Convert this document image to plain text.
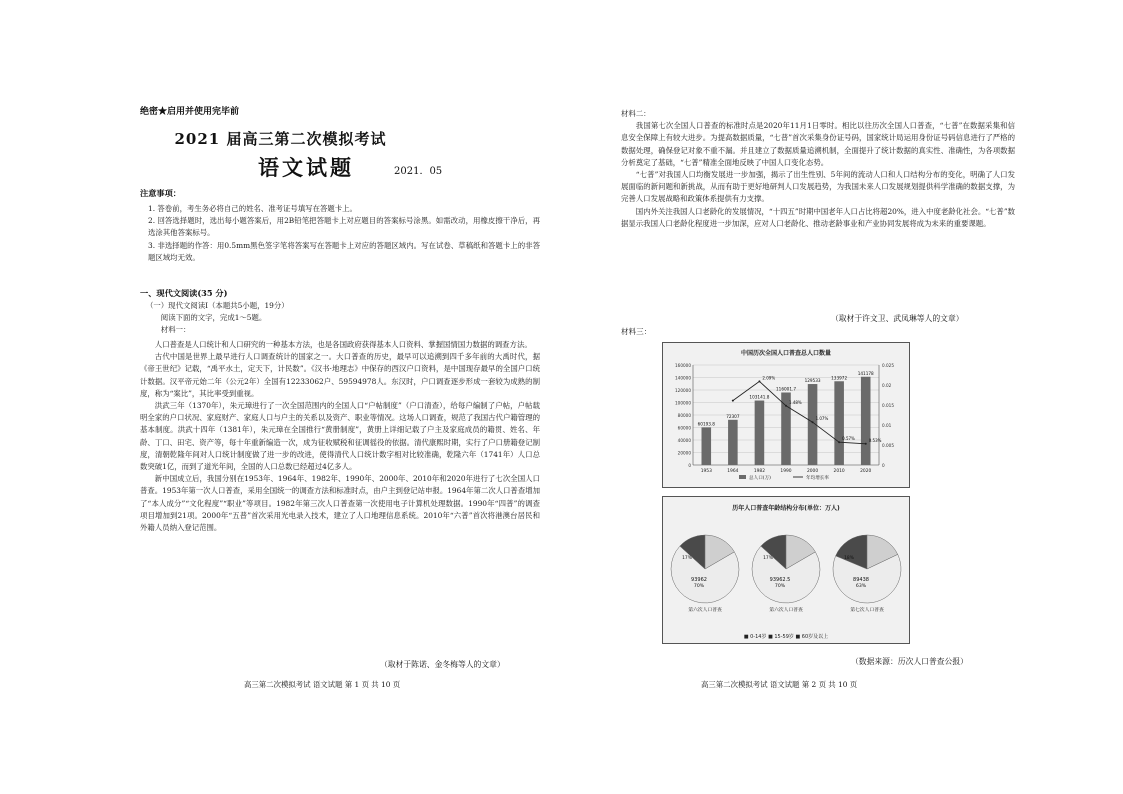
绝密★启用并使用完毕前
2021 届高三第二次模拟考试
语文试题	2021．05
注意事项：

1. 答卷前，考生务必将自己的姓名、准考证号填写在答题卡上。

2. 回答选择题时，选出每小题答案后，用2B铅笔把答题卡上对应题目的答案标号涂黑。如需改动，用橡皮擦干净后，再选涂其他答案标号。

3. 非选择题的作答：用0.5mm黑色签字笔将答案写在答题卡上对应的答题区域内。写在试卷、草稿纸和答题卡上的非答题区域均无效。

一、现代文阅读(35 分)

（一）现代文阅读Ⅰ（本题共5小题，19分）

阅读下面的文字，完成1～5题。

材料一：

人口普查是人口统计和人口研究的一种基本方法，也是各国政府获得基本人口资料、掌握国情国力数据的调查方法。

古代中国是世界上最早进行人口调查统计的国家之一。大口普查的历史，最早可以追溯到四千多年前的大禹时代，据《帝王世纪》记载，“禹平水土，定天下，计民数”。《汉书·地理志》中保存的西汉户口资料，是中国现存最早的全国户口统计数据。汉平帝元始二年（公元2年）全国有12233062户、59594978人。东汉时，户口调查逐步形成一套较为成熟的制度，称为“案比”，其比率受到重视。

洪武三年（1370年），朱元璋进行了一次全国范围内的全国人口“户帖制度”（户口清查），给每户编制了户帖，户帖载明全家的户口状况、家庭财产、家庭人口与户主的关系以及资产、职业等情况。这场人口调查，规范了我国古代户籍管理的基本制度。洪武十四年（1381年），朱元璋在全国推行“黄册制度”，黄册上详细记载了户主及家庭成员的籍贯、姓名、年龄、丁口、田宅、资产等，每十年重新编造一次，成为征收赋税和征调徭役的依据。清代康熙时期，实行了户口册籍登记制度，清朝乾隆年间对人口统计制度做了进一步的改进，使得清代人口统计数字相对比较准确，乾隆六年（1741年）人口总数突破1亿，而到了道光年间，全国的人口总数已经超过4亿多人。

新中国成立后，我国分别在1953年、1964年、1982年、1990年、2000年、2010年和2020年进行了七次全国人口普查。1953年第一次人口普查，采用全国统一的调查方法和标准时点，由户主到登记站申报。1964年第二次人口普查增加了“本人成分”“文化程度”“职业”等项目。1982年第三次人口普查第一次使用电子计算机处理数据。1990年“四普”的调查项目增加到21项。2000年“五普”首次采用光电录入技术，建立了人口地理信息系统。2010年“六普”首次将港澳台居民和外籍人员纳入登记范围。

（取材于陈诺、金冬梅等人的文章）
高三第二次模拟考试 语文试题 第 1 页 共 10 页

材料二：

我国第七次全国人口普查的标准时点是2020年11月1日零时。相比以往历次全国人口普查，“七普”在数据采集和信息安全保障上有较大进步。为提高数据质量，“七普”首次采集身份证号码，国家统计局运用身份证号码信息进行了严格的数据处理，确保登记对象不重不漏。并且建立了数据质量追溯机制，全面提升了统计数据的真实性、准确性，为各项数据分析奠定了基础，“七普”精准全面地反映了中国人口变化态势。

“七普”对我国人口均衡发展进一步加强，揭示了出生性别、5年间的流动人口和人口结构分布的变化，明确了人口发展面临的新问题和新挑战，从而有助于更好地研判人口发展趋势，为我国未来人口发展规划提供科学准确的数据支撑，为完善人口发展战略和政策体系提供有力支撑。

国内外关注我国人口老龄化的发展情况，“十四五”时期中国老年人口占比将超20%，进入中度老龄化社会。“七普”数据显示我国人口老龄化程度进一步加深，应对人口老龄化、推动老龄事业和产业协同发展将成为未来的重要课题。

（取材于许文卫、武凤琳等人的文章）
材料三：
中国历次全国人口普查总人口数量
0
20000
40000
60000
80000
100000
120000
140000
160000
0
0.005
0.01
0.015
0.02
0.025
60193.8
1953
72307
1964
103141.8
1982
116001.7
1990
129533
2000
133972
2010
141178
2020
2.09%
1.48%
1.07%
0.57%	0.53%
总人口(万)	年均增长率
历年人口普查年龄结构分布(单位：万人)
93962
70%
17%
第六次人口普查
93962.5
70%
17%
第六次人口普查
89438
63%
18%
第七次人口普查
■ 0-14岁 ■ 15-59岁 ■ 60岁及以上
（数据来源：历次人口普查公报）
高三第二次模拟考试 语文试题 第 2 页 共 10 页
